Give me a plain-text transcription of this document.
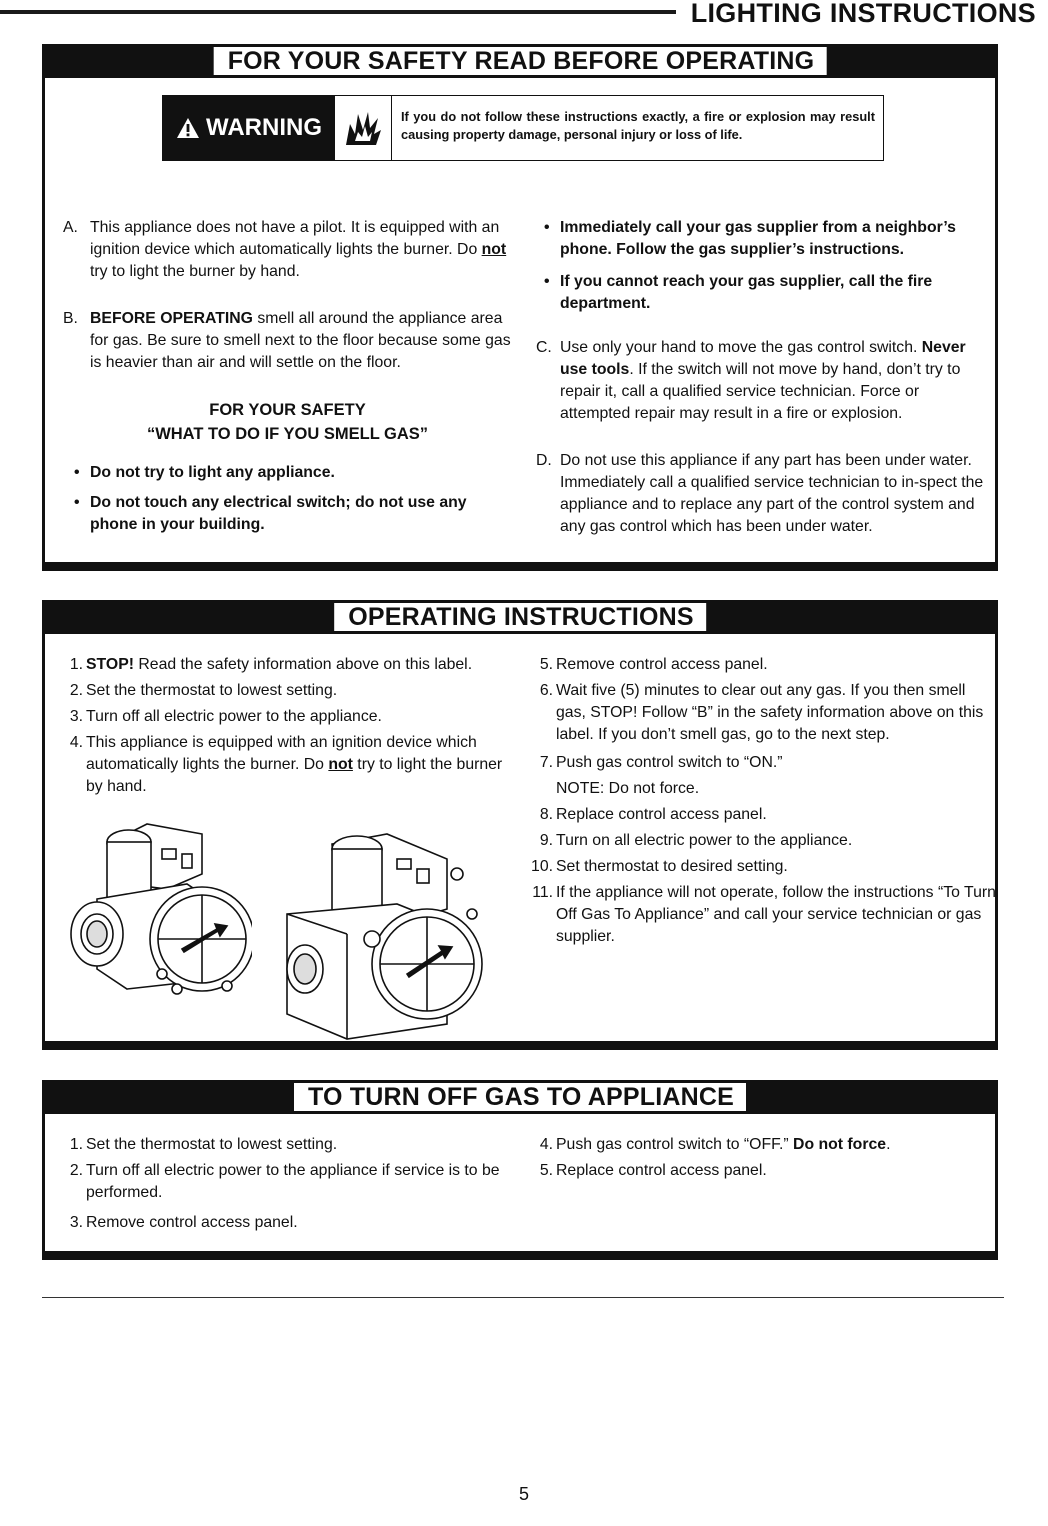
LIGHTING INSTRUCTIONS
FOR YOUR SAFETY READ BEFORE OPERATING
WARNING	If you do not follow these instructions exactly, a fire or explosion may result causing property damage, personal injury or loss of life.
A. This appliance does not have a pilot. It is equipped with an ignition device which automatically lights the burner. Do not try to light the burner by hand.
B. BEFORE OPERATING smell all around the appliance area for gas. Be sure to smell next to the floor because some gas is heavier than air and will settle on the floor.
FOR YOUR SAFETY
“WHAT TO DO IF YOU SMELL GAS”
• Do not try to light any appliance.
• Do not touch any electrical switch; do not use any phone in your building.
• Immediately call your gas supplier from a neighbor’s phone. Follow the gas supplier’s instructions.
• If you cannot reach your gas supplier, call the fire department.
C. Use only your hand to move the gas control switch. Never use tools. If the switch will not move by hand, don’t try to repair it, call a qualified service technician. Force or attempted repair may result in a fire or explosion.
D. Do not use this appliance if any part has been under water. Immediately call a qualified service technician to in-spect the appliance and to replace any part of the control system and any gas control which has been under water.
OPERATING INSTRUCTIONS
1. STOP! Read the safety information above on this label.
2. Set the thermostat to lowest setting.
3. Turn off all electric power to the appliance.
4. This appliance is equipped with an ignition device which automatically lights the burner. Do not try to light the burner by hand.
5. Remove control access panel.
6. Wait five (5) minutes to clear out any gas. If you then smell gas, STOP! Follow “B” in the safety information above on this label. If you don’t smell gas, go to the next step.
7. Push gas control switch to “ON.”
NOTE: Do not force.
8. Replace control access panel.
9. Turn on all electric power to the appliance.
10. Set thermostat to desired setting.
11. If the appliance will not operate, follow the instructions “To Turn Off Gas To Appliance” and call your service technician or gas supplier.
TO TURN OFF GAS TO APPLIANCE
1. Set the thermostat to lowest setting.
2. Turn off all electric power to the appliance if service is to be performed.
3. Remove control access panel.
4. Push gas control switch to “OFF.” Do not force.
5. Replace control access panel.
5
